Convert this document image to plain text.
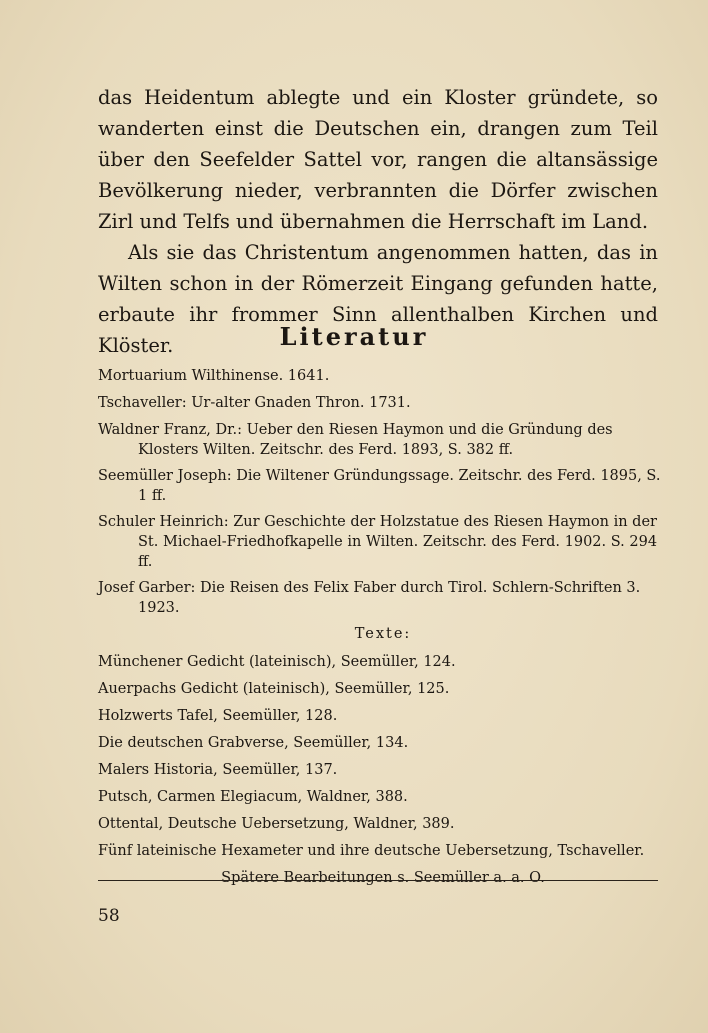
das Heidentum ablegte und ein Kloster gründete, so wanderten einst die Deutschen ein, drangen zum Teil über den Seefelder Sattel vor, rangen die altansässige Bevölkerung nieder, verbrannten die Dörfer zwischen Zirl und Telfs und übernahmen die Herrschaft im Land.

Als sie das Christentum angenommen hatten, das in Wilten schon in der Römerzeit Eingang gefunden hatte, erbaute ihr frommer Sinn allenthalben Kirchen und Klöster.	Literatur
Mortuarium Wilthinense. 1641.
Tschaveller: Ur-alter Gnaden Thron. 1731.
Waldner Franz, Dr.: Ueber den Riesen Haymon und die Gründung des Klosters Wilten. Zeitschr. des Ferd. 1893, S. 382 ff.
Seemüller Joseph: Die Wiltener Gründungssage. Zeitschr. des Ferd. 1895, S. 1 ff.
Schuler Heinrich: Zur Geschichte der Holzstatue des Riesen Haymon in der St. Michael-Friedhofkapelle in Wilten. Zeitschr. des Ferd. 1902. S. 294 ff.
Josef Garber: Die Reisen des Felix Faber durch Tirol. Schlern-Schriften 3. 1923.
Texte:
Münchener Gedicht (lateinisch), Seemüller, 124.
Auerpachs Gedicht (lateinisch), Seemüller, 125.
Holzwerts Tafel, Seemüller, 128.
Die deutschen Grabverse, Seemüller, 134.
Malers Historia, Seemüller, 137.
Putsch, Carmen Elegiacum, Waldner, 388.
Ottental, Deutsche Uebersetzung, Waldner, 389.
Fünf lateinische Hexameter und ihre deutsche Uebersetzung, Tschaveller.
Spätere Bearbeitungen s. Seemüller a. a. O.
58
